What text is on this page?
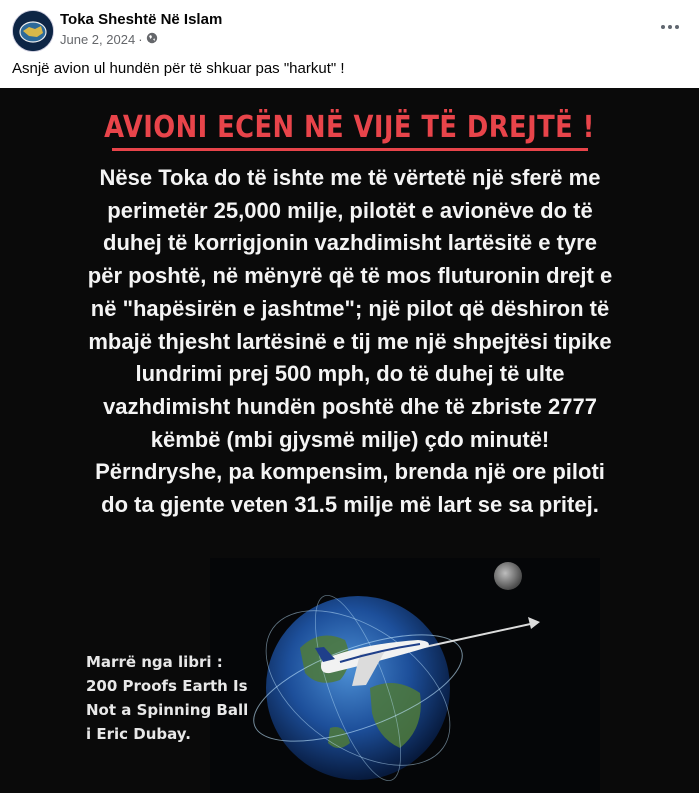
Toka Sheshtë Në Islam
June 2, 2024 ·
Asnjë avion ul hundën për të shkuar pas "harkut" !
AVIONI ECËN NË VIJË TË DREJTË !
Nëse Toka do të ishte me të vërtetë një sferë me perimetër 25,000 milje, pilotët e avionëve do të duhej të korrigjonin vazhdimisht lartësitë e tyre për poshtë, në mënyrë që të mos fluturonin drejt e në "hapësirën e jashtme"; një pilot që dëshiron të mbajë thjesht lartësinë e tij me një shpejtësi tipike lundrimi prej 500 mph, do të duhej të ulte vazhdimisht hundën poshtë dhe të zbriste 2777 këmbë (mbi gjysmë milje) çdo minutë! Përndryshe, pa kompensim, brenda një ore piloti do ta gjente veten 31.5 milje më lart se sa pritej.
Marrë nga libri : 200 Proofs Earth Is Not a Spinning Ball i Eric Dubay.
